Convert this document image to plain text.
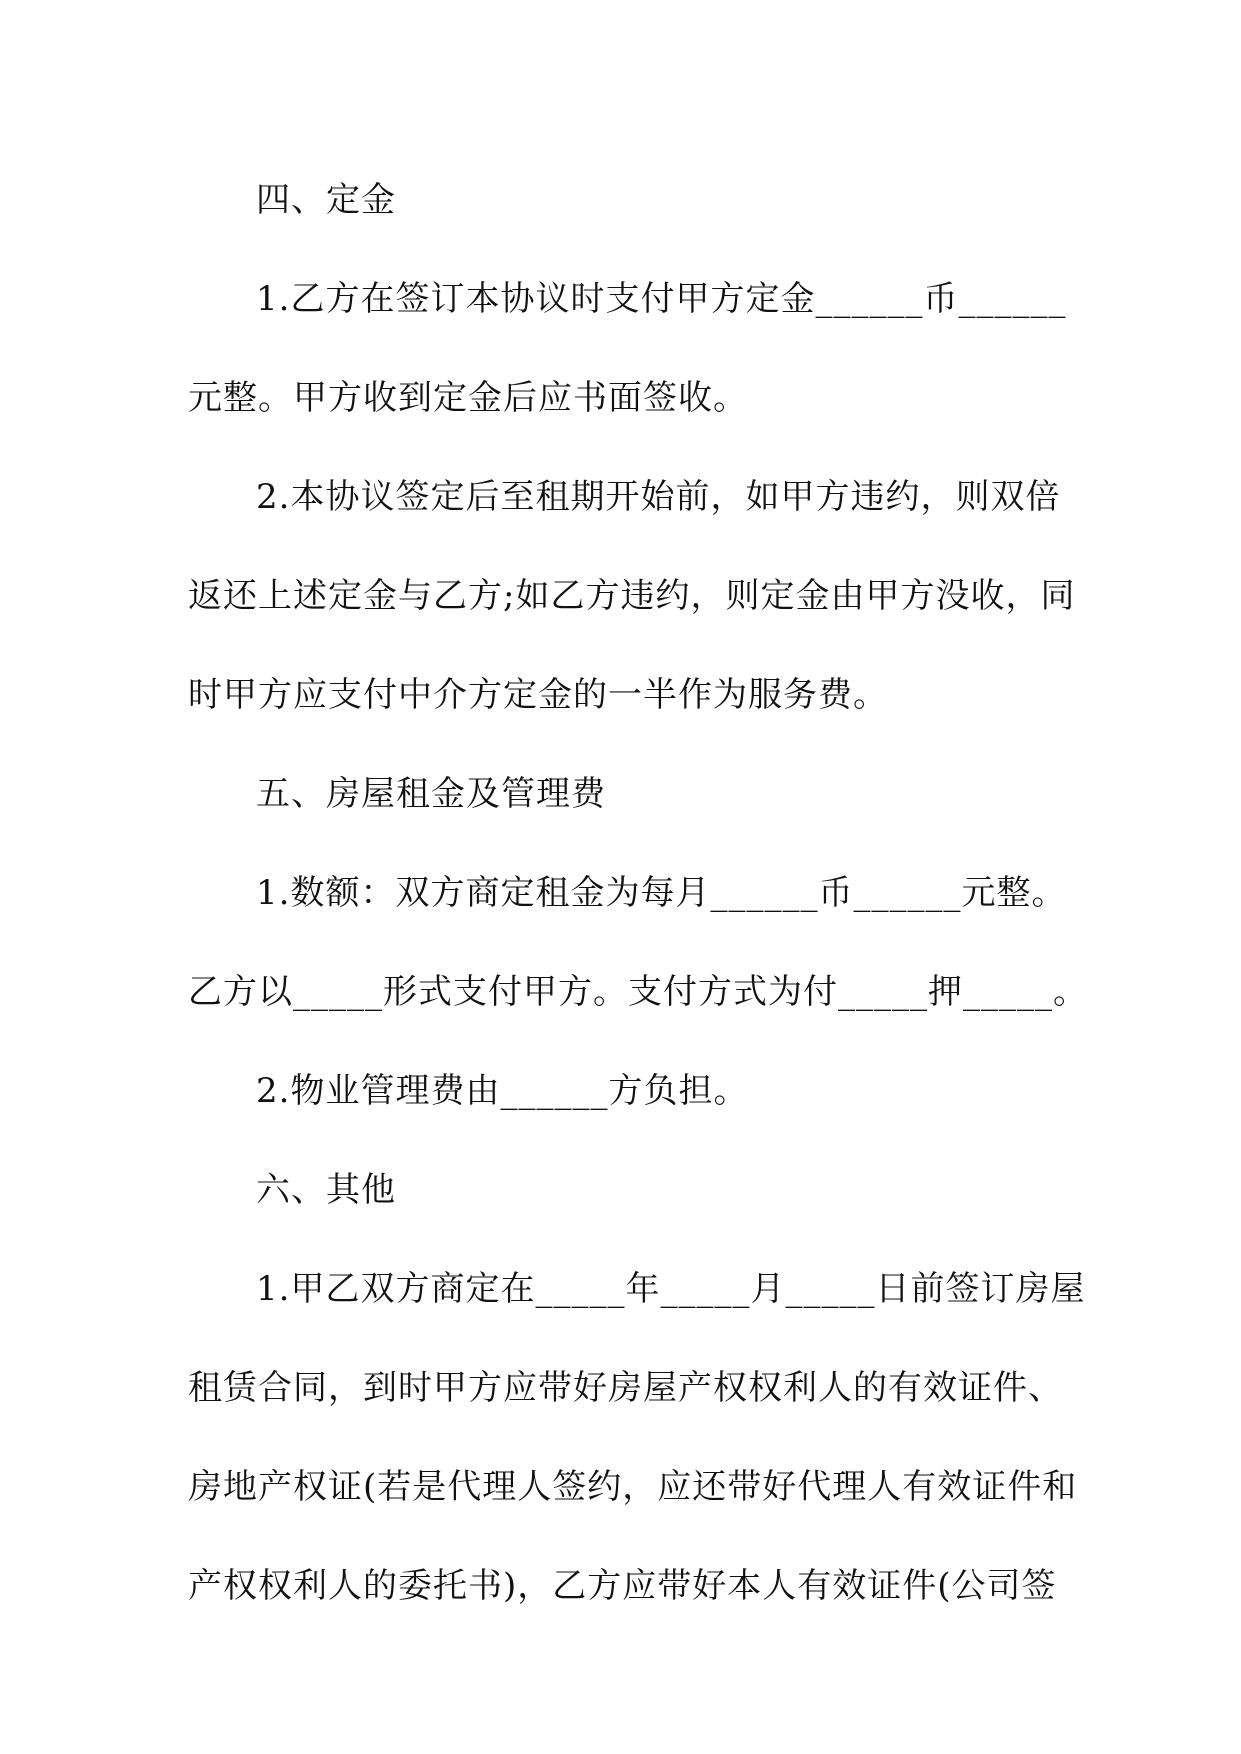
四、定金
1.乙方在签订本协议时支付甲方定金______币______
元整。甲方收到定金后应书面签收。
2.本协议签定后至租期开始前，如甲方违约，则双倍
返还上述定金与乙方;如乙方违约，则定金由甲方没收，同
时甲方应支付中介方定金的一半作为服务费。
五、房屋租金及管理费
1.数额：双方商定租金为每月______币______元整。
乙方以_____形式支付甲方。支付方式为付_____押_____。
2.物业管理费由______方负担。
六、其他
1.甲乙双方商定在_____年_____月_____日前签订房屋
租赁合同，到时甲方应带好房屋产权权利人的有效证件、
房地产权证(若是代理人签约，应还带好代理人有效证件和
产权权利人的委托书)，乙方应带好本人有效证件(公司签
